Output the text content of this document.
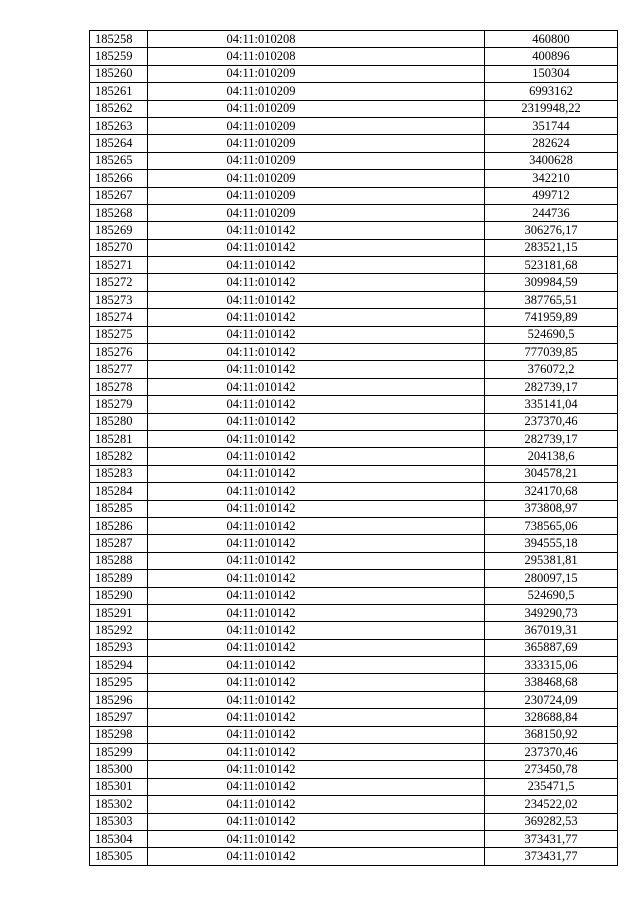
185258	04:11:010208	460800
185259	04:11:010208	400896
185260	04:11:010209	150304
185261	04:11:010209	6993162
185262	04:11:010209	2319948,22
185263	04:11:010209	351744
185264	04:11:010209	282624
185265	04:11:010209	3400628
185266	04:11:010209	342210
185267	04:11:010209	499712
185268	04:11:010209	244736
185269	04:11:010142	306276,17
185270	04:11:010142	283521,15
185271	04:11:010142	523181,68
185272	04:11:010142	309984,59
185273	04:11:010142	387765,51
185274	04:11:010142	741959,89
185275	04:11:010142	524690,5
185276	04:11:010142	777039,85
185277	04:11:010142	376072,2
185278	04:11:010142	282739,17
185279	04:11:010142	335141,04
185280	04:11:010142	237370,46
185281	04:11:010142	282739,17
185282	04:11:010142	204138,6
185283	04:11:010142	304578,21
185284	04:11:010142	324170,68
185285	04:11:010142	373808,97
185286	04:11:010142	738565,06
185287	04:11:010142	394555,18
185288	04:11:010142	295381,81
185289	04:11:010142	280097,15
185290	04:11:010142	524690,5
185291	04:11:010142	349290,73
185292	04:11:010142	367019,31
185293	04:11:010142	365887,69
185294	04:11:010142	333315,06
185295	04:11:010142	338468,68
185296	04:11:010142	230724,09
185297	04:11:010142	328688,84
185298	04:11:010142	368150,92
185299	04:11:010142	237370,46
185300	04:11:010142	273450,78
185301	04:11:010142	235471,5
185302	04:11:010142	234522,02
185303	04:11:010142	369282,53
185304	04:11:010142	373431,77
185305	04:11:010142	373431,77
